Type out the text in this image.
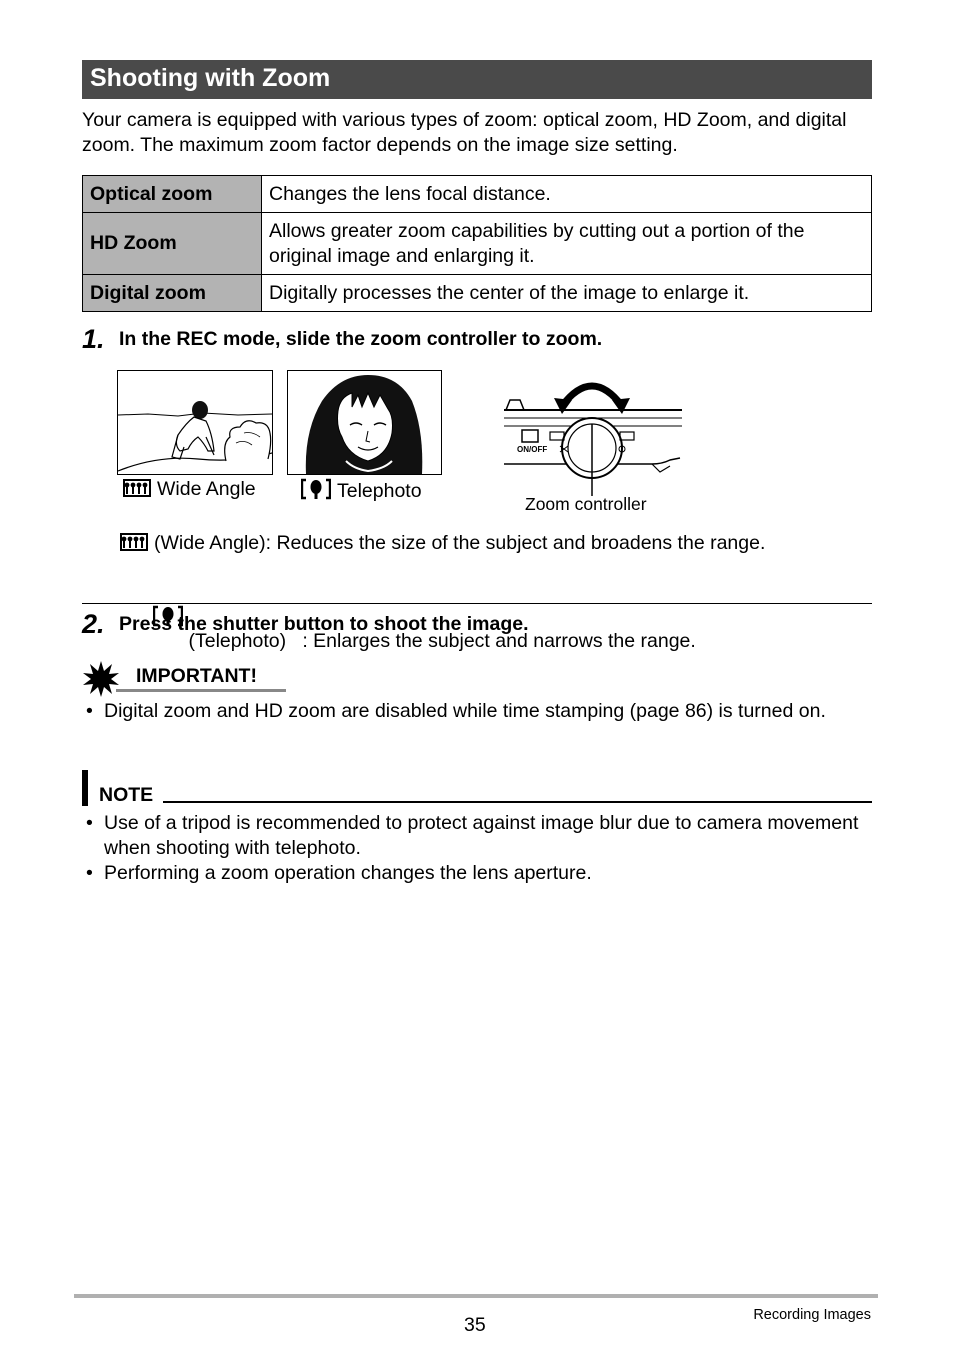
Shooting with Zoom

Your camera is equipped with various types of zoom: optical zoom, HD Zoom, and digital zoom. The maximum zoom factor depends on the image size setting.

Optical zoom	Changes the lens focal distance.
HD Zoom	Allows greater zoom capabilities by cutting out a portion of the original image and enlarging it.
Digital zoom	Digitally processes the center of the image to enlarge it.
1. In the REC mode, slide the zoom controller to zoom.
Wide Angle	Telephoto
ON/OFF
Zoom controller
(Wide Angle): Reduces the size of the subject and broadens the range.

(Telephoto)   : Enlarges the subject and narrows the range.

2. Press the shutter button to shoot the image.
IMPORTANT!
• Digital zoom and HD zoom are disabled while time stamping (page 86) is turned on.
NOTE
• Use of a tripod is recommended to protect against image blur due to camera movement when shooting with telephoto.
• Performing a zoom operation changes the lens aperture.
35	Recording Images
